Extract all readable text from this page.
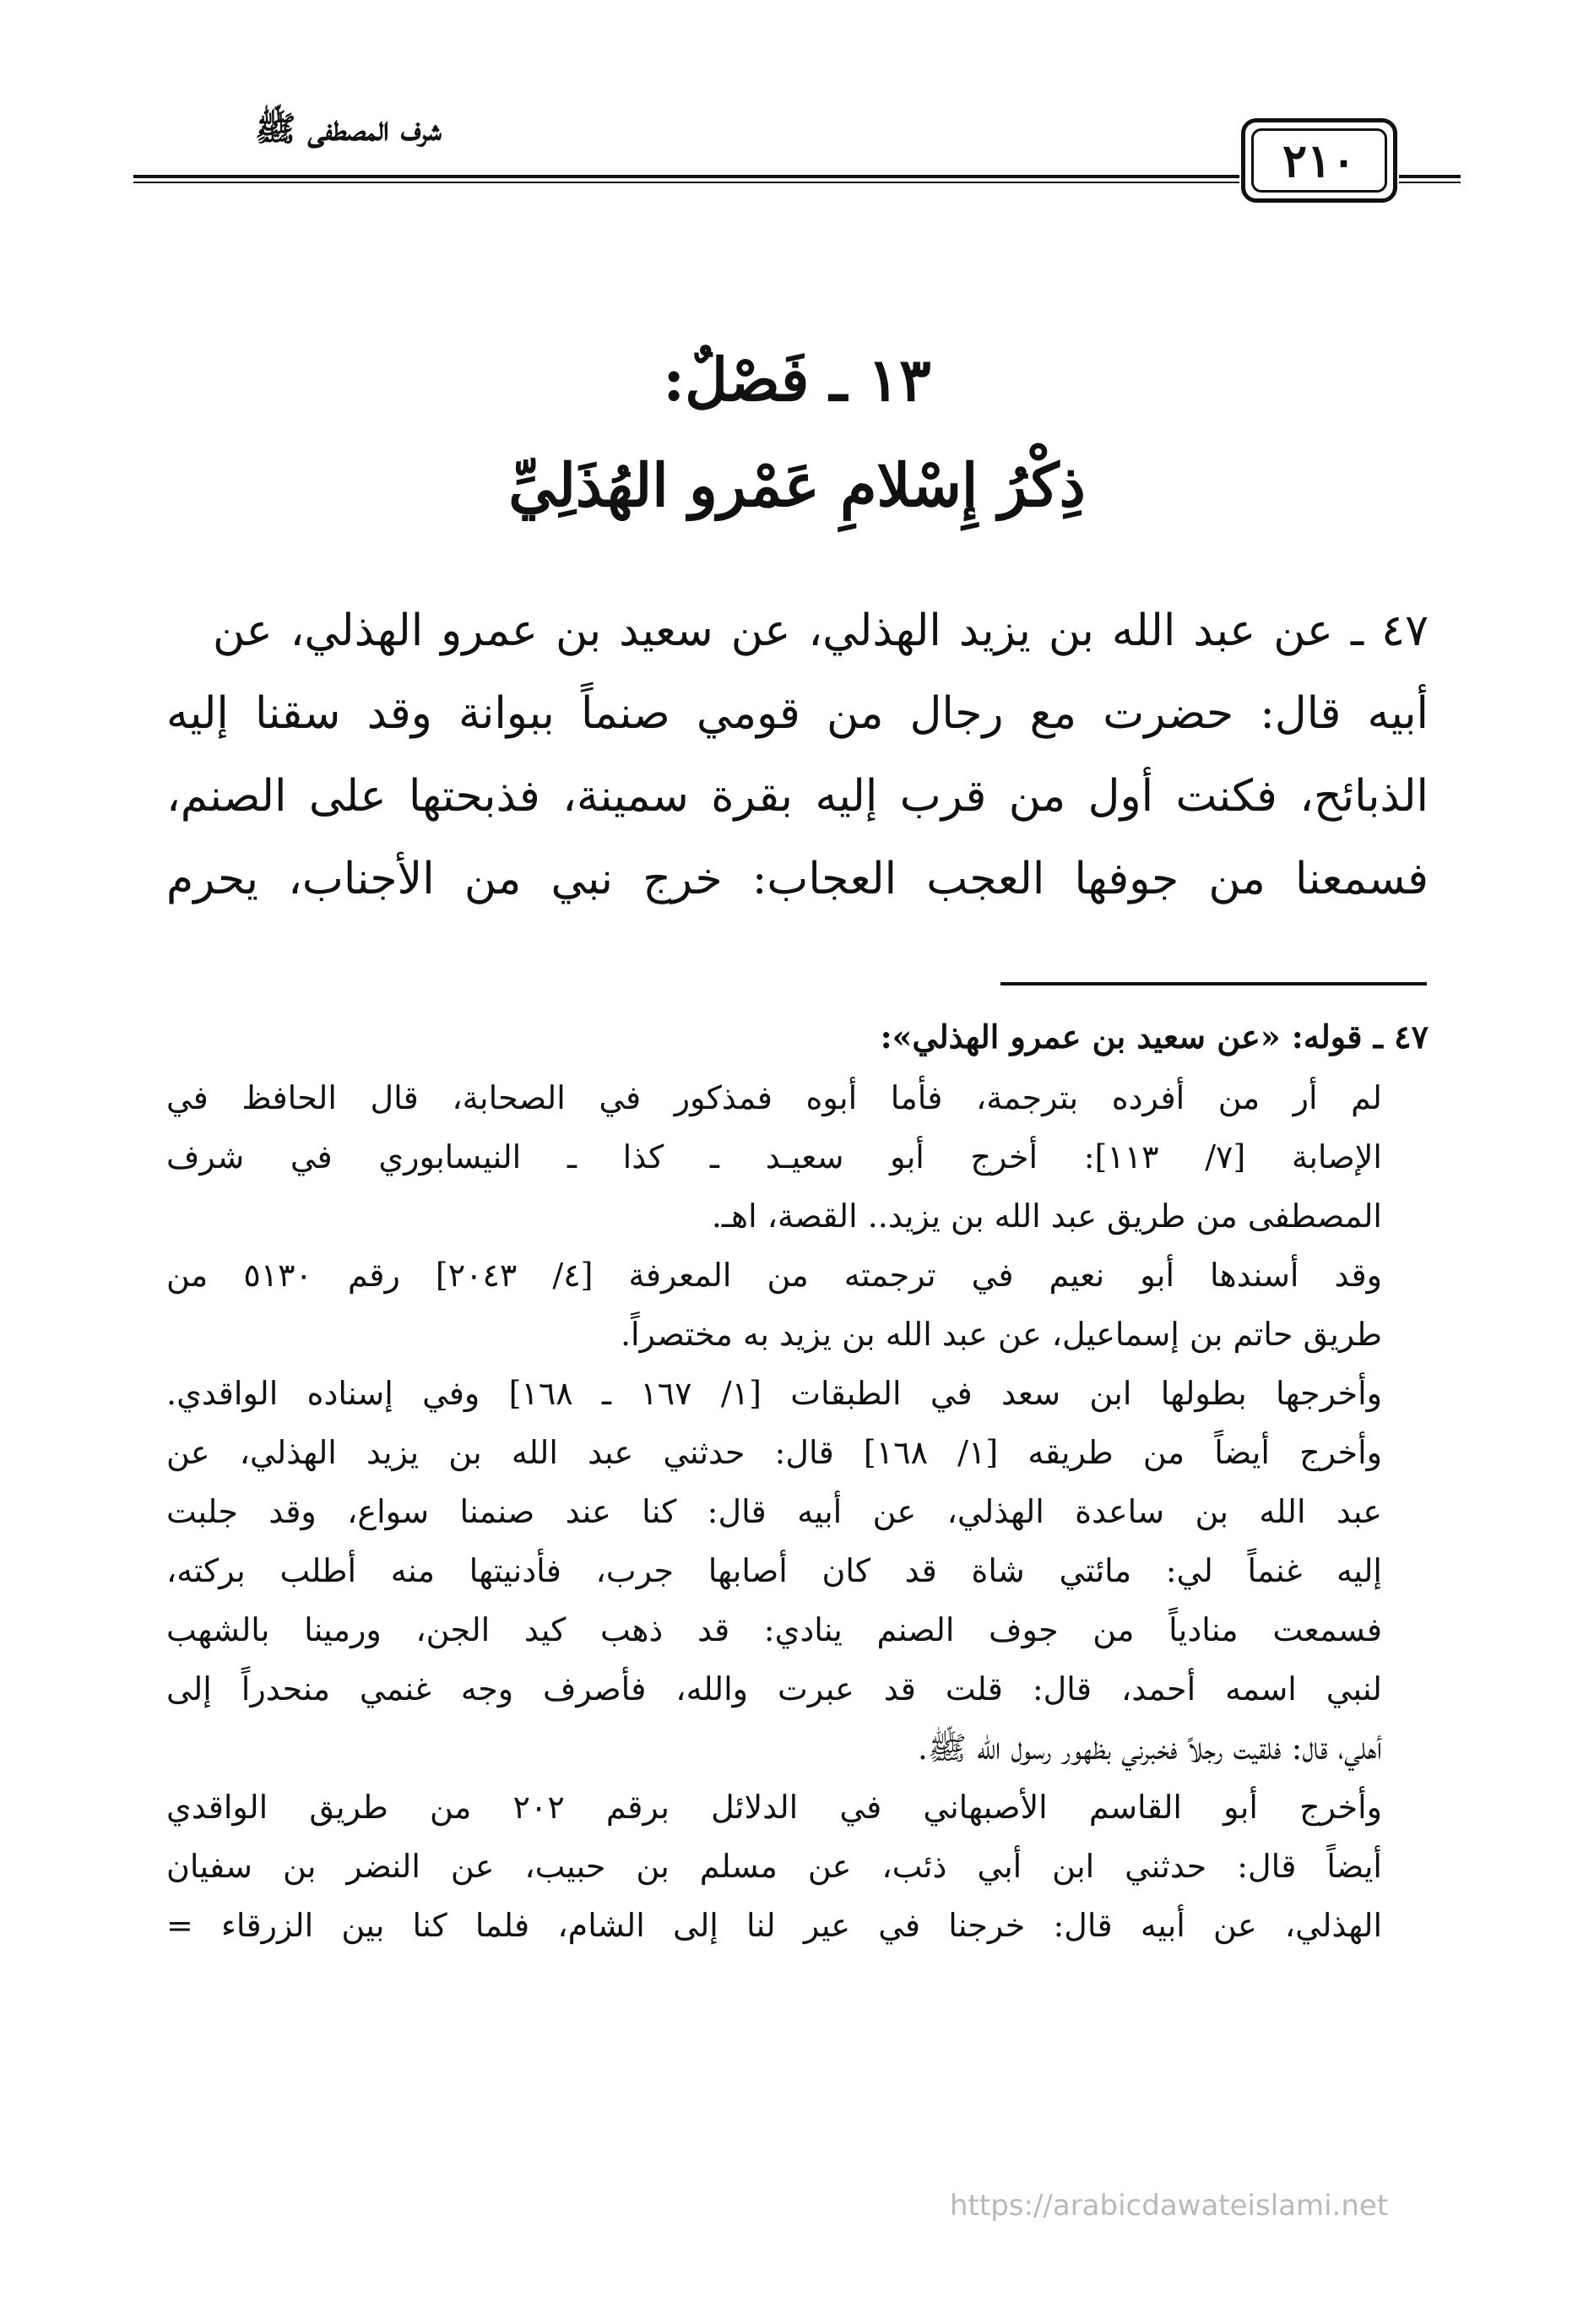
شرف المصطفى ﷺ
٢١٠
١٣ ـ فَصْلٌ:
ذِكْرُ إِسْلامِ عَمْرو الهُذَلِيِّ
٤٧ ـ عن عبد الله بن يزيد الهذلي، عن سعيد بن عمرو الهذلي، عن
أبيه قال: حضرت مع رجال من قومي صنماً ببوانة وقد سقنا إليه
الذبائح، فكنت أول من قرب إليه بقرة سمينة، فذبحتها على الصنم،
فسمعنا من جوفها العجب العجاب: خرج نبي من الأجناب، يحرم
٤٧ ـ قوله: «عن سعيد بن عمرو الهذلي»:
لم أر من أفرده بترجمة، فأما أبوه فمذكور في الصحابة، قال الحافظ في
الإصابة [٧/ ١١٣]: أخرج أبو سعيـد ـ كذا ـ النيسابوري في شرف
المصطفى من طريق عبد الله بن يزيد.. القصة، اهـ.
وقد أسندها أبو نعيم في ترجمته من المعرفة [٤/ ٢٠٤٣] رقم ٥١٣٠ من
طريق حاتم بن إسماعيل، عن عبد الله بن يزيد به مختصراً.
وأخرجها بطولها ابن سعد في الطبقات [١/ ١٦٧ ـ ١٦٨] وفي إسناده الواقدي.
وأخرج أيضاً من طريقه [١/ ١٦٨] قال: حدثني عبد الله بن يزيد الهذلي، عن
عبد الله بن ساعدة الهذلي، عن أبيه قال: كنا عند صنمنا سواع، وقد جلبت
إليه غنماً لي: مائتي شاة قد كان أصابها جرب، فأدنيتها منه أطلب بركته،
فسمعت منادياً من جوف الصنم ينادي: قد ذهب كيد الجن، ورمينا بالشهب
لنبي اسمه أحمد، قال: قلت قد عبرت والله، فأصرف وجه غنمي منحدراً إلى
أهلي، قال: فلقيت رجلاً فخبرني بظهور رسول الله ﷺ.
وأخرج أبو القاسم الأصبهاني في الدلائل برقم ٢٠٢ من طريق الواقدي
أيضاً قال: حدثني ابن أبي ذئب، عن مسلم بن حبيب، عن النضر بن سفيان
الهذلي، عن أبيه قال: خرجنا في عير لنا إلى الشام، فلما كنا بين الزرقاء =
https://arabicdawateislami.net
